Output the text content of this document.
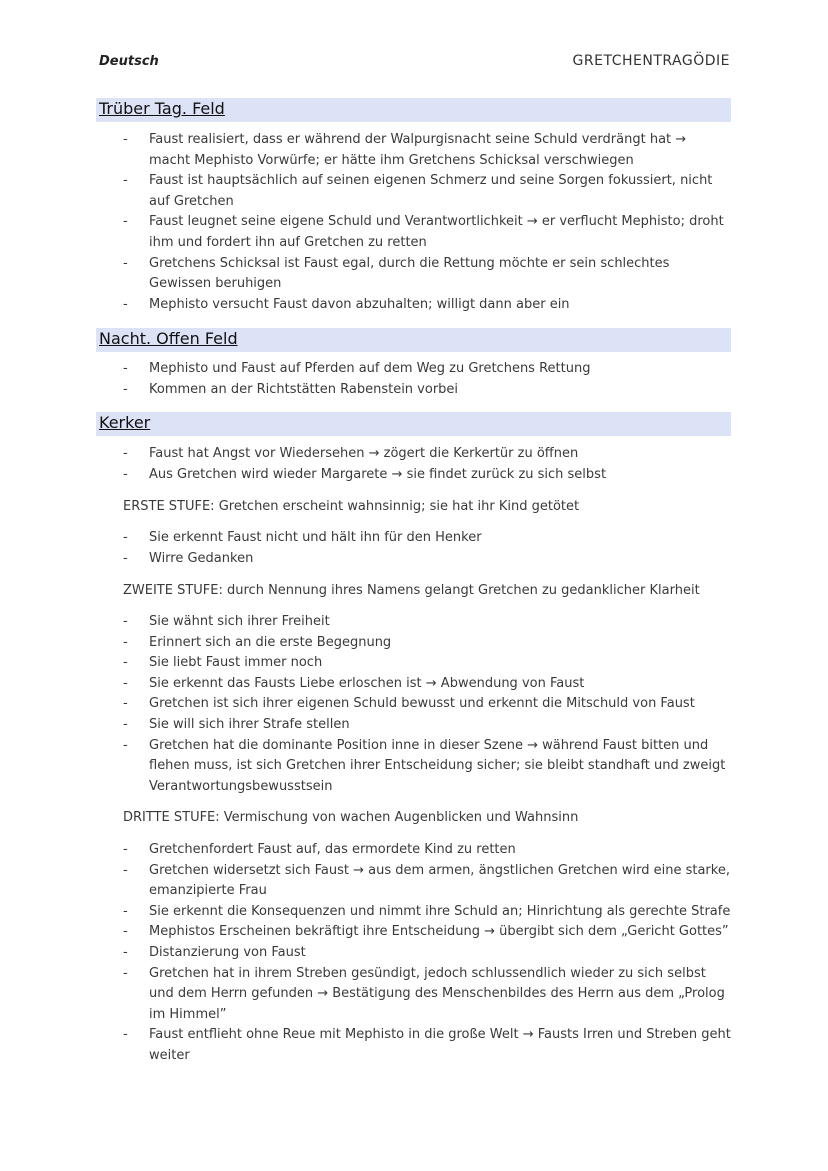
Deutsch	GRETCHENTRAGÖDIE
Trüber Tag. Feld
- Faust realisiert, dass er während der Walpurgisnacht seine Schuld verdrängt hat → macht Mephisto Vorwürfe; er hätte ihm Gretchens Schicksal verschwiegen
- Faust ist hauptsächlich auf seinen eigenen Schmerz und seine Sorgen fokussiert, nicht auf Gretchen
- Faust leugnet seine eigene Schuld und Verantwortlichkeit → er verflucht Mephisto; droht ihm und fordert ihn auf Gretchen zu retten
- Gretchens Schicksal ist Faust egal, durch die Rettung möchte er sein schlechtes Gewissen beruhigen
- Mephisto versucht Faust davon abzuhalten; willigt dann aber ein
Nacht. Offen Feld
- Mephisto und Faust auf Pferden auf dem Weg zu Gretchens Rettung
- Kommen an der Richtstätten Rabenstein vorbei
Kerker
- Faust hat Angst vor Wiedersehen → zögert die Kerkertür zu öffnen
- Aus Gretchen wird wieder Margarete → sie findet zurück zu sich selbst
ERSTE STUFE: Gretchen erscheint wahnsinnig; sie hat ihr Kind getötet
- Sie erkennt Faust nicht und hält ihn für den Henker
- Wirre Gedanken
ZWEITE STUFE: durch Nennung ihres Namens gelangt Gretchen zu gedanklicher Klarheit
- Sie wähnt sich ihrer Freiheit
- Erinnert sich an die erste Begegnung
- Sie liebt Faust immer noch
- Sie erkennt das Fausts Liebe erloschen ist → Abwendung von Faust
- Gretchen ist sich ihrer eigenen Schuld bewusst und erkennt die Mitschuld von Faust
- Sie will sich ihrer Strafe stellen
- Gretchen hat die dominante Position inne in dieser Szene → während Faust bitten und flehen muss, ist sich Gretchen ihrer Entscheidung sicher; sie bleibt standhaft und zweigt Verantwortungsbewusstsein
DRITTE STUFE: Vermischung von wachen Augenblicken und Wahnsinn
- Gretchenfordert Faust auf, das ermordete Kind zu retten
- Gretchen widersetzt sich Faust → aus dem armen, ängstlichen Gretchen wird eine starke, emanzipierte Frau
- Sie erkennt die Konsequenzen und nimmt ihre Schuld an; Hinrichtung als gerechte Strafe
- Mephistos Erscheinen bekräftigt ihre Entscheidung → übergibt sich dem „Gericht Gottes”
- Distanzierung von Faust
- Gretchen hat in ihrem Streben gesündigt, jedoch schlussendlich wieder zu sich selbst und dem Herrn gefunden → Bestätigung des Menschenbildes des Herrn aus dem „Prolog im Himmel”
- Faust entflieht ohne Reue mit Mephisto in die große Welt → Fausts Irren und Streben geht weiter
